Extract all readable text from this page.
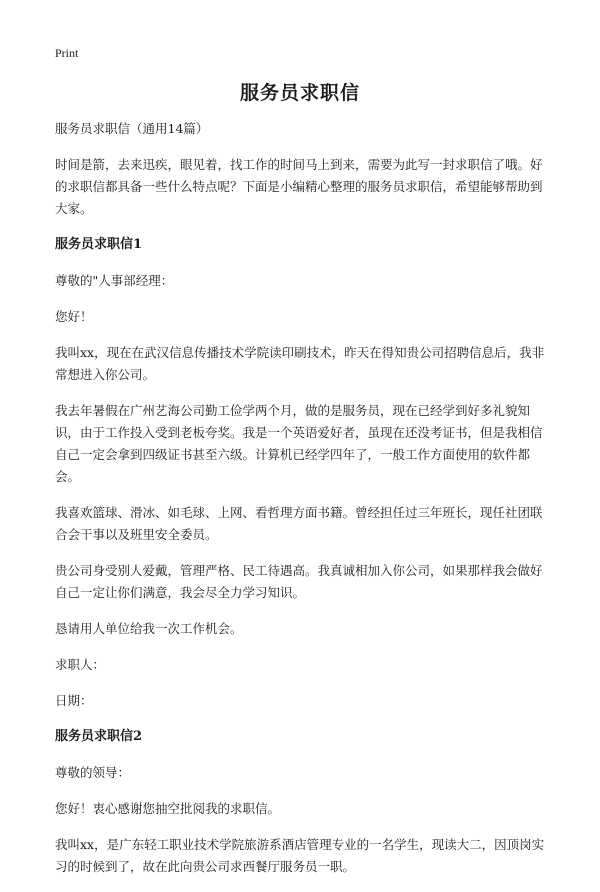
Print
服务员求职信

服务员求职信（通用14篇）

时间是箭，去来迅疾，眼见着，找工作的时间马上到来，需要为此写一封求职信了哦。好的求职信都具备一些什么特点呢？下面是小编精心整理的服务员求职信，希望能够帮助到大家。

服务员求职信1

尊敬的"人事部经理：

您好！

我叫xx，现在在武汉信息传播技术学院读印刷技术，昨天在得知贵公司招聘信息后，我非常想进入你公司。

我去年暑假在广州艺海公司勤工俭学两个月，做的是服务员，现在已经学到好多礼貌知识，由于工作投入受到老板夸奖。我是一个英语爱好者，虽现在还没考证书，但是我相信自己一定会拿到四级证书甚至六级。计算机已经学四年了，一般工作方面使用的软件都会。

我喜欢篮球、滑冰、如毛球、上网、看哲理方面书籍。曾经担任过三年班长，现任社团联合会干事以及班里安全委员。

贵公司身受别人爱戴，管理严格、民工待遇高。我真诚相加入你公司，如果那样我会做好自己一定让你们满意，我会尽全力学习知识。

恳请用人单位给我一次工作机会。

求职人：

日期：

服务员求职信2

尊敬的领导：

您好！衷心感谢您抽空批阅我的求职信。

我叫xx，是广东轻工职业技术学院旅游系酒店管理专业的一名学生，现读大二，因顶岗实习的时候到了，故在此向贵公司求西餐厅服务员一职。
